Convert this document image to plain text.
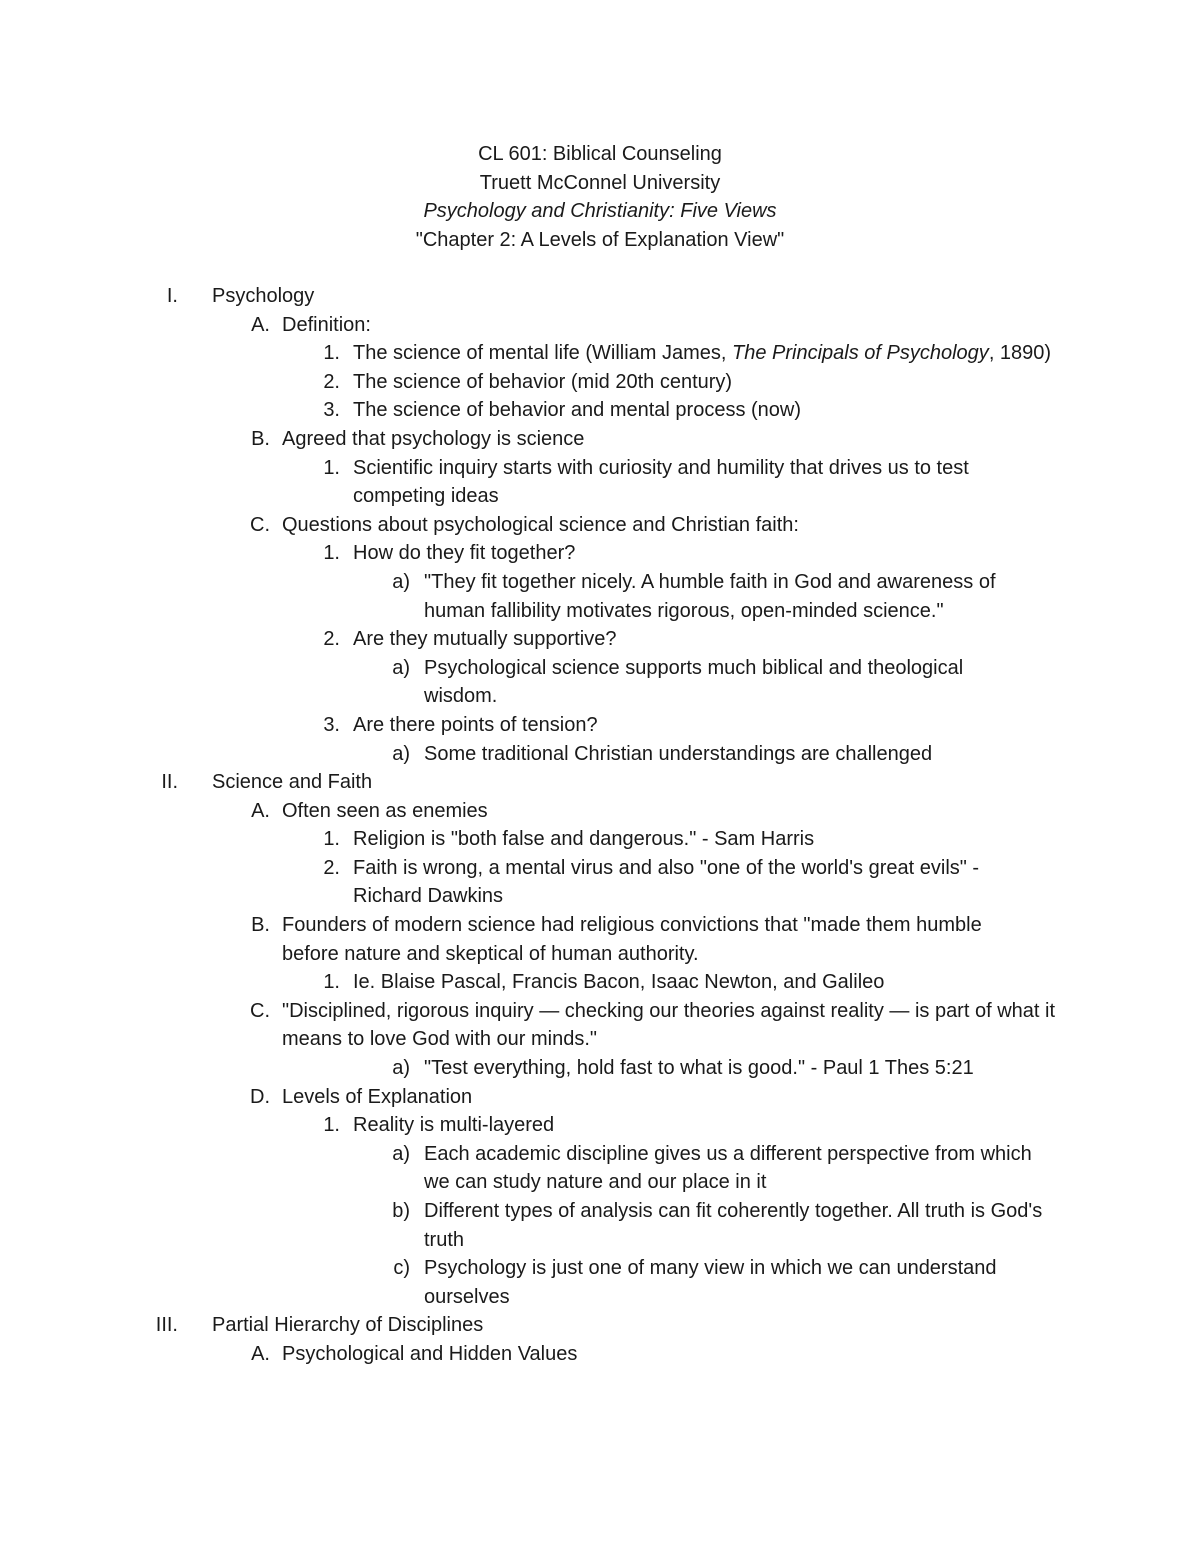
CL 601: Biblical Counseling
Truett McConnel University
Psychology and Christianity: Five Views
"Chapter 2: A Levels of Explanation View"
I. Psychology
A. Definition:
1. The science of mental life (William James, The Principals of Psychology, 1890)
2. The science of behavior (mid 20th century)
3. The science of behavior and mental process (now)
B. Agreed that psychology is science
1. Scientific inquiry starts with curiosity and humility that drives us to test competing ideas
C. Questions about psychological science and Christian faith:
1. How do they fit together?
a) "They fit together nicely. A humble faith in God and awareness of human fallibility motivates rigorous, open-minded science."
2. Are they mutually supportive?
a) Psychological science supports much biblical and theological wisdom.
3. Are there points of tension?
a) Some traditional Christian understandings are challenged
II. Science and Faith
A. Often seen as enemies
1. Religion is "both false and dangerous." - Sam Harris
2. Faith is wrong, a mental virus and also "one of the world's great evils" - Richard Dawkins
B. Founders of modern science had religious convictions that "made them humble before nature and skeptical of human authority.
1. Ie. Blaise Pascal, Francis Bacon, Isaac Newton, and Galileo
C. "Disciplined, rigorous inquiry — checking our theories against reality — is part of what it means to love God with our minds."
a) "Test everything, hold fast to what is good." - Paul 1 Thes 5:21
D. Levels of Explanation
1. Reality is multi-layered
a) Each academic discipline gives us a different perspective from which we can study nature and our place in it
b) Different types of analysis can fit coherently together. All truth is God's truth
c) Psychology is just one of many view in which we can understand ourselves
III. Partial Hierarchy of Disciplines
A. Psychological and Hidden Values
